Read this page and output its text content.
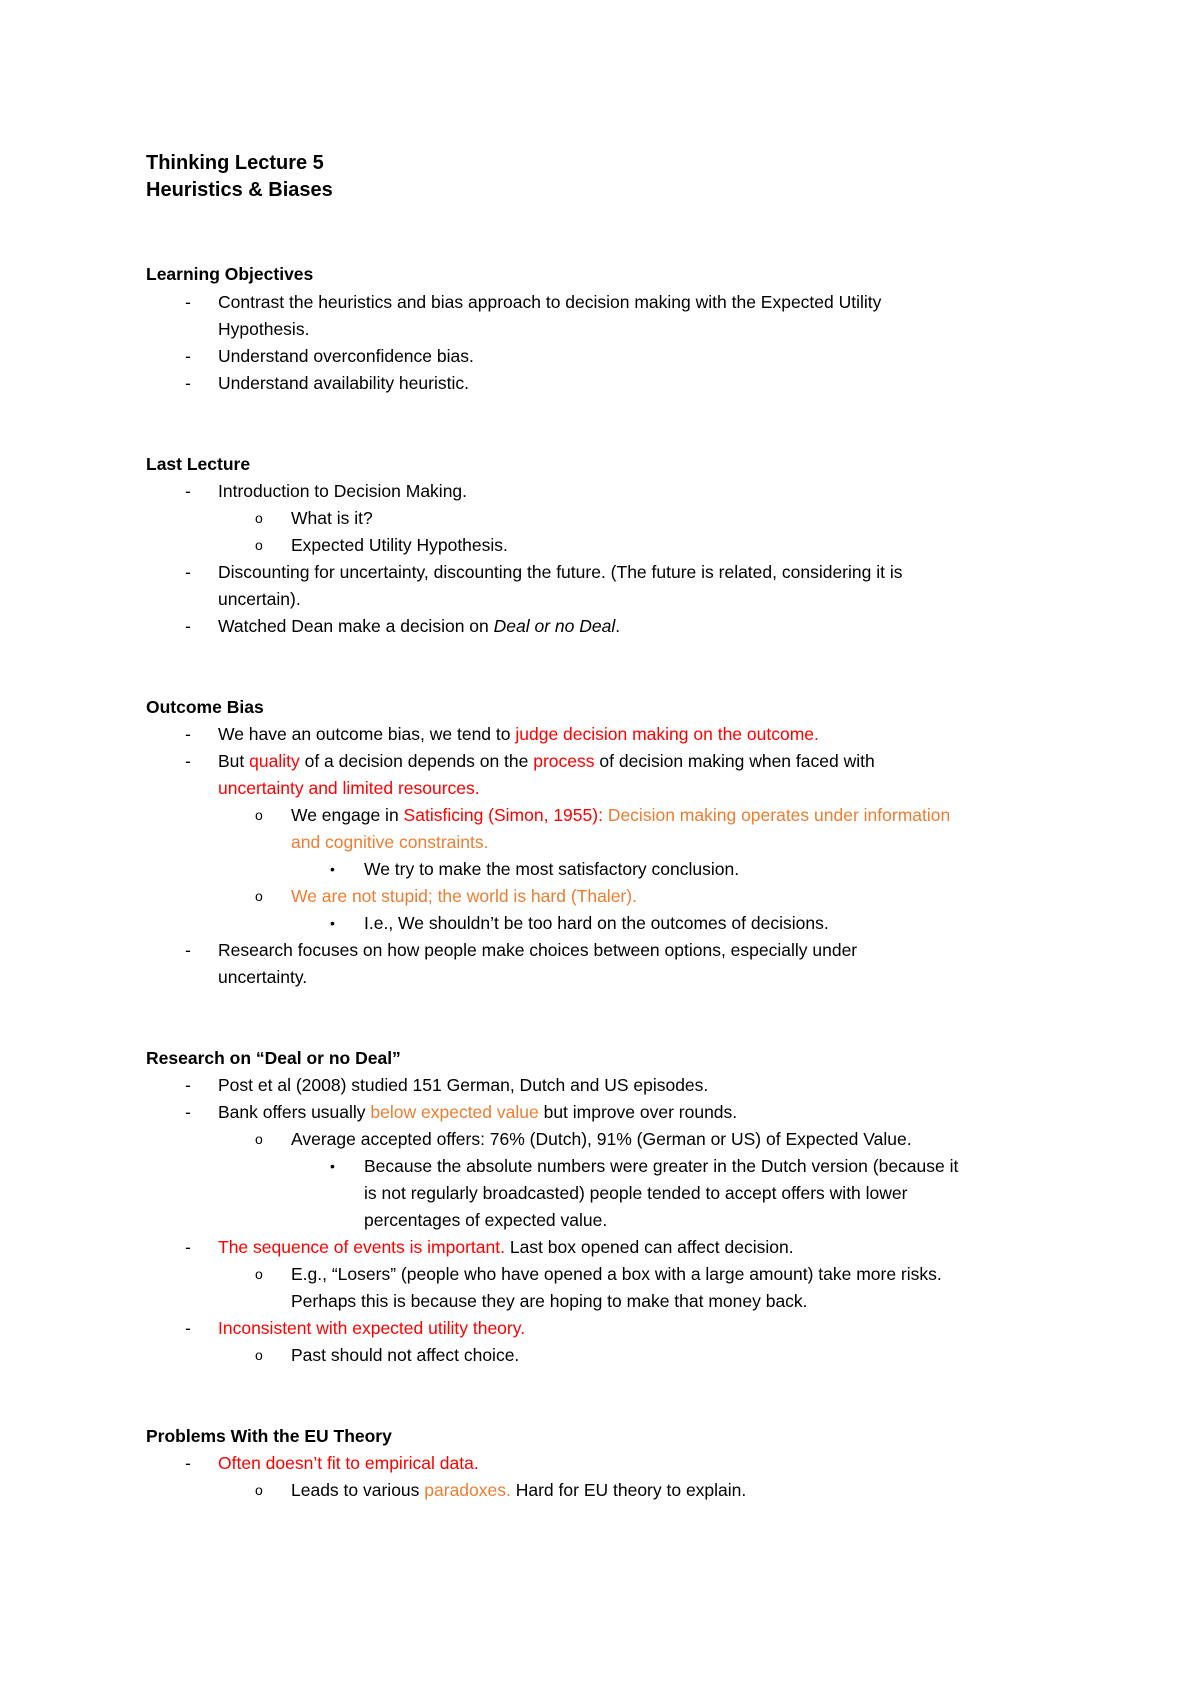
Thinking Lecture 5
Heuristics & Biases
Learning Objectives
- Contrast the heuristics and bias approach to decision making with the Expected Utility
Hypothesis.
- Understand overconfidence bias.
- Understand availability heuristic.
Last Lecture
- Introduction to Decision Making.
o What is it?
o Expected Utility Hypothesis.
- Discounting for uncertainty, discounting the future. (The future is related, considering it is
uncertain).
- Watched Dean make a decision on Deal or no Deal.
Outcome Bias
- We have an outcome bias, we tend to judge decision making on the outcome.
- But quality of a decision depends on the process of decision making when faced with
uncertainty and limited resources.
o We engage in Satisficing (Simon, 1955): Decision making operates under information
and cognitive constraints.
• We try to make the most satisfactory conclusion.
o We are not stupid; the world is hard (Thaler).
• I.e., We shouldn’t be too hard on the outcomes of decisions.
- Research focuses on how people make choices between options, especially under
uncertainty.
Research on “Deal or no Deal”
- Post et al (2008) studied 151 German, Dutch and US episodes.
- Bank offers usually below expected value but improve over rounds.
o Average accepted offers: 76% (Dutch), 91% (German or US) of Expected Value.
• Because the absolute numbers were greater in the Dutch version (because it
is not regularly broadcasted) people tended to accept offers with lower
percentages of expected value.
- The sequence of events is important. Last box opened can affect decision.
o E.g., “Losers” (people who have opened a box with a large amount) take more risks.
Perhaps this is because they are hoping to make that money back.
- Inconsistent with expected utility theory.
o Past should not affect choice.
Problems With the EU Theory
- Often doesn’t fit to empirical data.
o Leads to various paradoxes. Hard for EU theory to explain.
